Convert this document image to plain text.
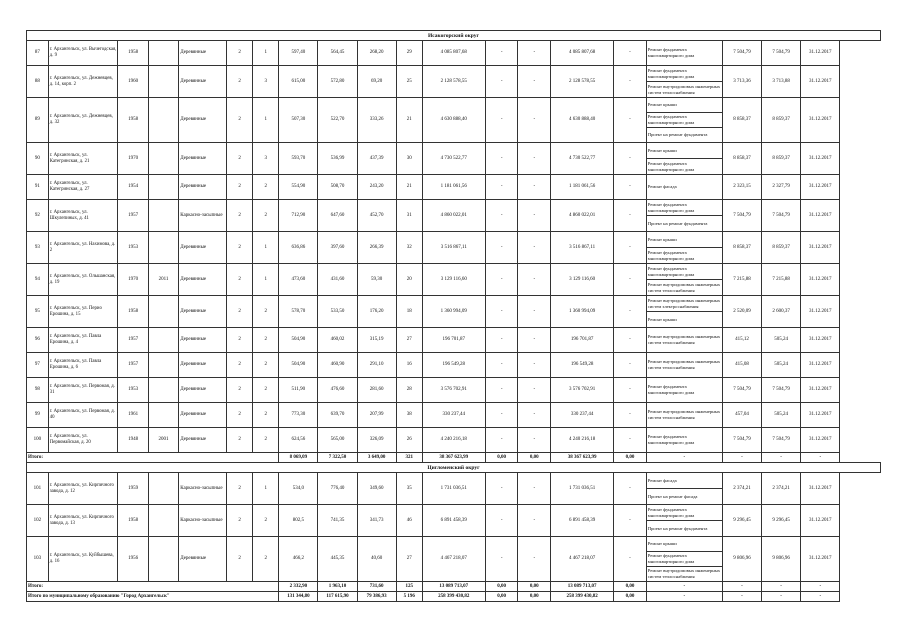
Исакогорский округ																			
87	г. Архангельск, ул. Вычегодская, д. 9	1958		Деревянные	2	1	597,40	564,45	268,20	29	4 085 807,68	-	-	4 085 807,68	-	Ремонт фундамента многоквартирного дома	7 504,79	7 504,79	31.12.2017
88	г. Архангельск, ул. Дежневцев, д. 14, корп. 2	1960		Деревянные	2	3	615,00	572,80	69,20	25	2 128 578,55	-	-	2 128 578,55	-	Ремонт фундамента многоквартирного дома	3 713,36	3 713,88	31.12.2017
																Ремонт внутридомовых инженерных систем теплоснабжения			
89	г. Архангельск, ул. Дежневцев, д. 32	1958		Деревянные	2	1	507,30	522,70	333,26	21	4 630 888,40	-	-	4 630 888,40	-	Ремонт крыши	8 858,37	8 859,37	31.12.2017
																Ремонт фундамента многоквартирного дома			
																Проект на ремонт фундамента			
90	г. Архангельск, ул. Категринская, д. 21	1970		Деревянные	2	3	593,70	536,99	437,39	30	4 730 522,77	-	-	4 730 522,77	-	Ремонт крыши	8 858,37	8 859,37	31.12.2017
																Ремонт фундамента многоквартирного дома			
91	г. Архангельск, ул. Категринская, д. 27	1954		Деревянные	2	2	554,90	508,70	243,20	21	1 181 061,56	-	-	1 181 061,56	-	Ремонт фасада	2 323,15	2 327,79	31.12.2017
92	г. Архангельск, ул. Шкулепиных, д. 41	1957		Каркасно-засыпные	2	2	712,90	647,60	452,70	31	4 860 022,01	-	-	4 860 022,01	-	Ремонт фундамента многоквартирного дома	7 504,79	7 504,79	31.12.2017
																Проект на ремонт фундамента			
93	г. Архангельск, ул. Нахимова, д. 2	1953		Деревянные	2	1	636,86	397,60	266,39	32	3 516 867,11	-	-	3 516 867,11	-	Ремонт крыши	8 858,37	8 859,37	31.12.2017
																Ремонт фундамента многоквартирного дома			
94	г. Архангельск, ул. Ольшанская, д. 19	1970	2011	Деревянные	2	1	473,60	431,60	59,30	20	3 129 116,60	-	-	3 129 116,60	-	Ремонт фундамента многоквартирного дома	7 215,88	7 215,88	31.12.2017
																Ремонт внутридомовых инженерных систем теплоснабжения			
95	г. Архангельск, ул. Перио Ерошина, д. 15	1958		Деревянные	2	2	578,70	533,50	176,20	18	1 360 994,09	-	-	1 360 994,09	-	Ремонт внутридомовых инженерных систем электроснабжения	2 520,09	2 600,37	31.12.2017
																Ремонт крыши			
96	г. Архангельск, ул. Павла Ерошина, д. 4	1957		Деревянные	2	2	504,90	460,02	315,19	27	196 701,87	-	-	196 701,87	-	Ремонт внутридомовых инженерных систем теплоснабжения	415,12	505,24	31.12.2017
97	г. Архангельск, ул. Павла Ерошина, д. 6	1957		Деревянные	2	2	504,90	460,90	291,10	16	196 549,28	-	-	196 549,28	-	Ремонт внутридомовых инженерных систем теплоснабжения	415,08	505,24	31.12.2017
98	г. Архангельск, ул. Первомая, д. 31	1953		Деревянные	2	2	511,90	476,60	281,60	28	3 576 702,91	-	-	3 576 702,91	-	Ремонт фундамента многоквартирного дома	7 504,79	7 504,79	31.12.2017
99	г. Архангельск, ул. Первомая, д. 40	1961		Деревянные	2	2	773,30	639,70	207,99	38	330 237,44	-	-	330 237,44	-	Ремонт внутридомовых инженерных систем теплоснабжения	457,04	505,24	31.12.2017
100	г. Архангельск, ул. Первомайская, д. 20	1948	2001	Деревянные	2	2	624,56	565,00	326,09	26	4 240 216,18	-	-	4 240 216,18	-	Ремонт фундамента многоквартирного дома	7 504,79	7 504,79	31.12.2017
Итого:							8 069,09	7 322,50	3 649,00	321	38 367 623,99	0,00	0,00	38 367 623,99	0,00	-	-	-	-
Цигломенский округ																			
101	г. Архангельск, ул. Кирпичного завода, д. 12	1959		Каркасно-засыпные	2	1	534,0	776,40	349,60	35	1 731 036,51	-	-	1 731 036,51	-	Ремонт фасада	2 374,21	2 374,21	31.12.2017
																Проект на ремонт фасада			
102	г. Архангельск, ул. Кирпичного завода, д. 13	1958		Каркасно-засыпные	2	2	802,5	741,35	341,73	46	6 891 458,39	-	-	6 891 458,39	-	Ремонт фундамента многоквартирного дома	9 296,45	9 296,45	31.12.2017
																Проект на ремонт фундамента			
103	г. Архангельск, ул. Куйбышева, д. 16	1956		Деревянные	2	2	466,2	445,35	40,60	27	4 467 218,07	-	-	4 467 218,07	-	Ремонт крыши	9 806,96	9 806,96	31.12.2017
																Ремонт фундамента многоквартирного дома			
																Ремонт внутридомовых инженерных систем теплоснабжения			
Итого:							2 332,90	1 963,10	731,60	125	13 089 713,07	0,00	0,00	13 089 713,07	0,00	-	-	-	-
Итого по муниципальному образованию "Город Архангельск"							131 344,80	117 615,90	79 386,93	5 196	258 399 430,82	0,00	0,00	258 399 430,82	0,00	-	-	-	-
